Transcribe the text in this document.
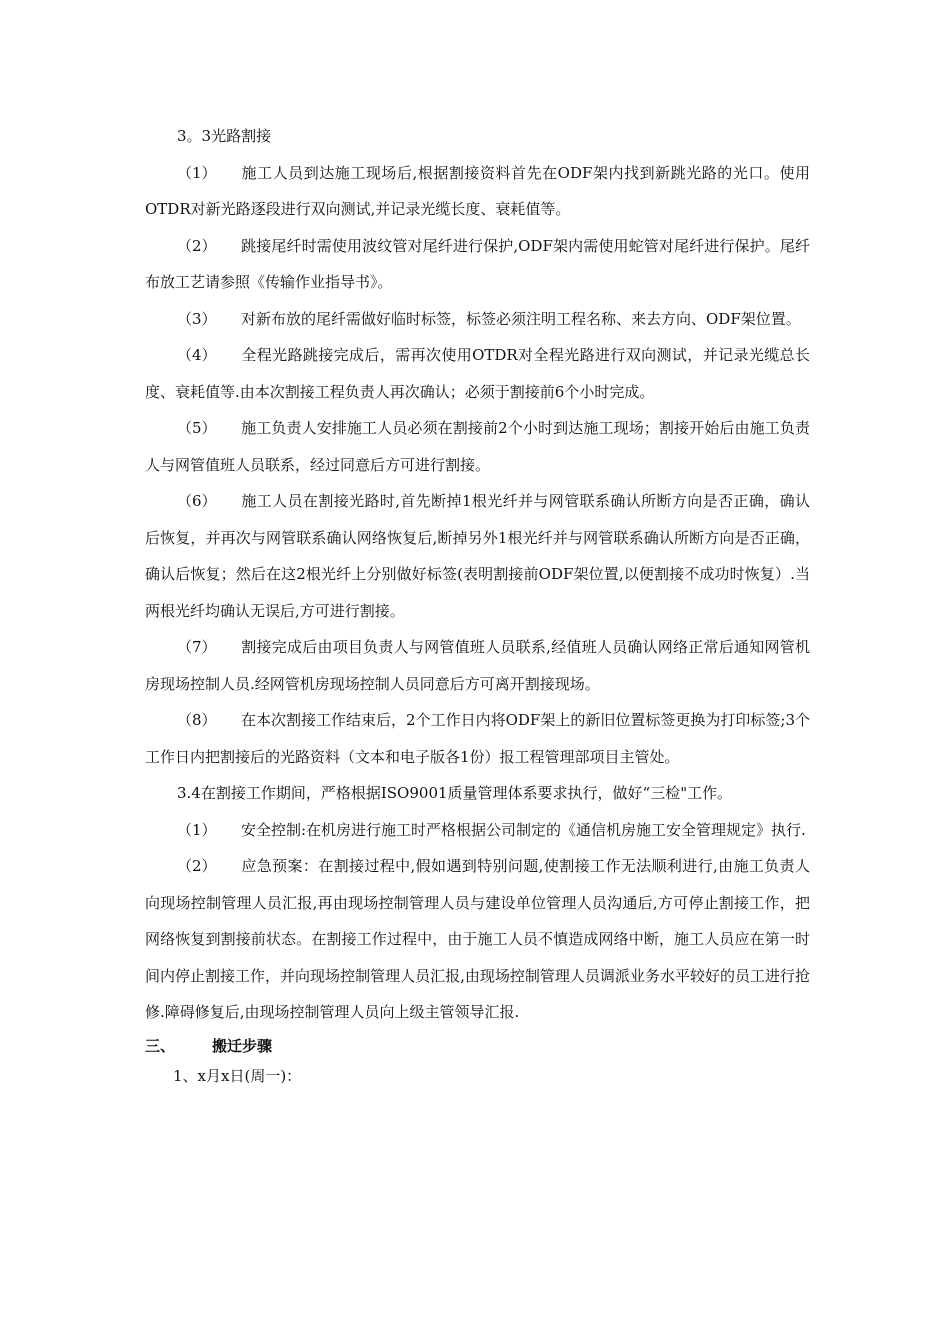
3。3光路割接

（1） 施工人员到达施工现场后,根据割接资料首先在ODF架内找到新跳光路的光口。使用OTDR对新光路逐段进行双向测试,并记录光缆长度、衰耗值等。

（2） 跳接尾纤时需使用波纹管对尾纤进行保护,ODF架内需使用蛇管对尾纤进行保护。尾纤布放工艺请参照《传输作业指导书》。

（3） 对新布放的尾纤需做好临时标签，标签必须注明工程名称、来去方向、ODF架位置。

（4） 全程光路跳接完成后，需再次使用OTDR对全程光路进行双向测试，并记录光缆总长度、衰耗值等.由本次割接工程负责人再次确认；必须于割接前6个小时完成。

（5） 施工负责人安排施工人员必须在割接前2个小时到达施工现场；割接开始后由施工负责人与网管值班人员联系，经过同意后方可进行割接。

（6） 施工人员在割接光路时,首先断掉1根光纤并与网管联系确认所断方向是否正确，确认后恢复，并再次与网管联系确认网络恢复后,断掉另外1根光纤并与网管联系确认所断方向是否正确，确认后恢复；然后在这2根光纤上分别做好标签(表明割接前ODF架位置,以便割接不成功时恢复）.当两根光纤均确认无误后,方可进行割接。

（7） 割接完成后由项目负责人与网管值班人员联系,经值班人员确认网络正常后通知网管机房现场控制人员.经网管机房现场控制人员同意后方可离开割接现场。

（8） 在本次割接工作结束后，2个工作日内将ODF架上的新旧位置标签更换为打印标签;3个工作日内把割接后的光路资料（文本和电子版各1份）报工程管理部项目主管处。

3.4在割接工作期间，严格根据ISO9001质量管理体系要求执行，做好“三检"工作。

（1） 安全控制:在机房进行施工时严格根据公司制定的《通信机房施工安全管理规定》执行.

（2） 应急预案：在割接过程中,假如遇到特别问题,使割接工作无法顺利进行,由施工负责人向现场控制管理人员汇报,再由现场控制管理人员与建设单位管理人员沟通后,方可停止割接工作，把网络恢复到割接前状态。在割接工作过程中，由于施工人员不慎造成网络中断，施工人员应在第一时间内停止割接工作，并向现场控制管理人员汇报,由现场控制管理人员调派业务水平较好的员工进行抢修.障碍修复后,由现场控制管理人员向上级主管领导汇报.

三、 搬迁步骤

1、x月x日(周一)：
